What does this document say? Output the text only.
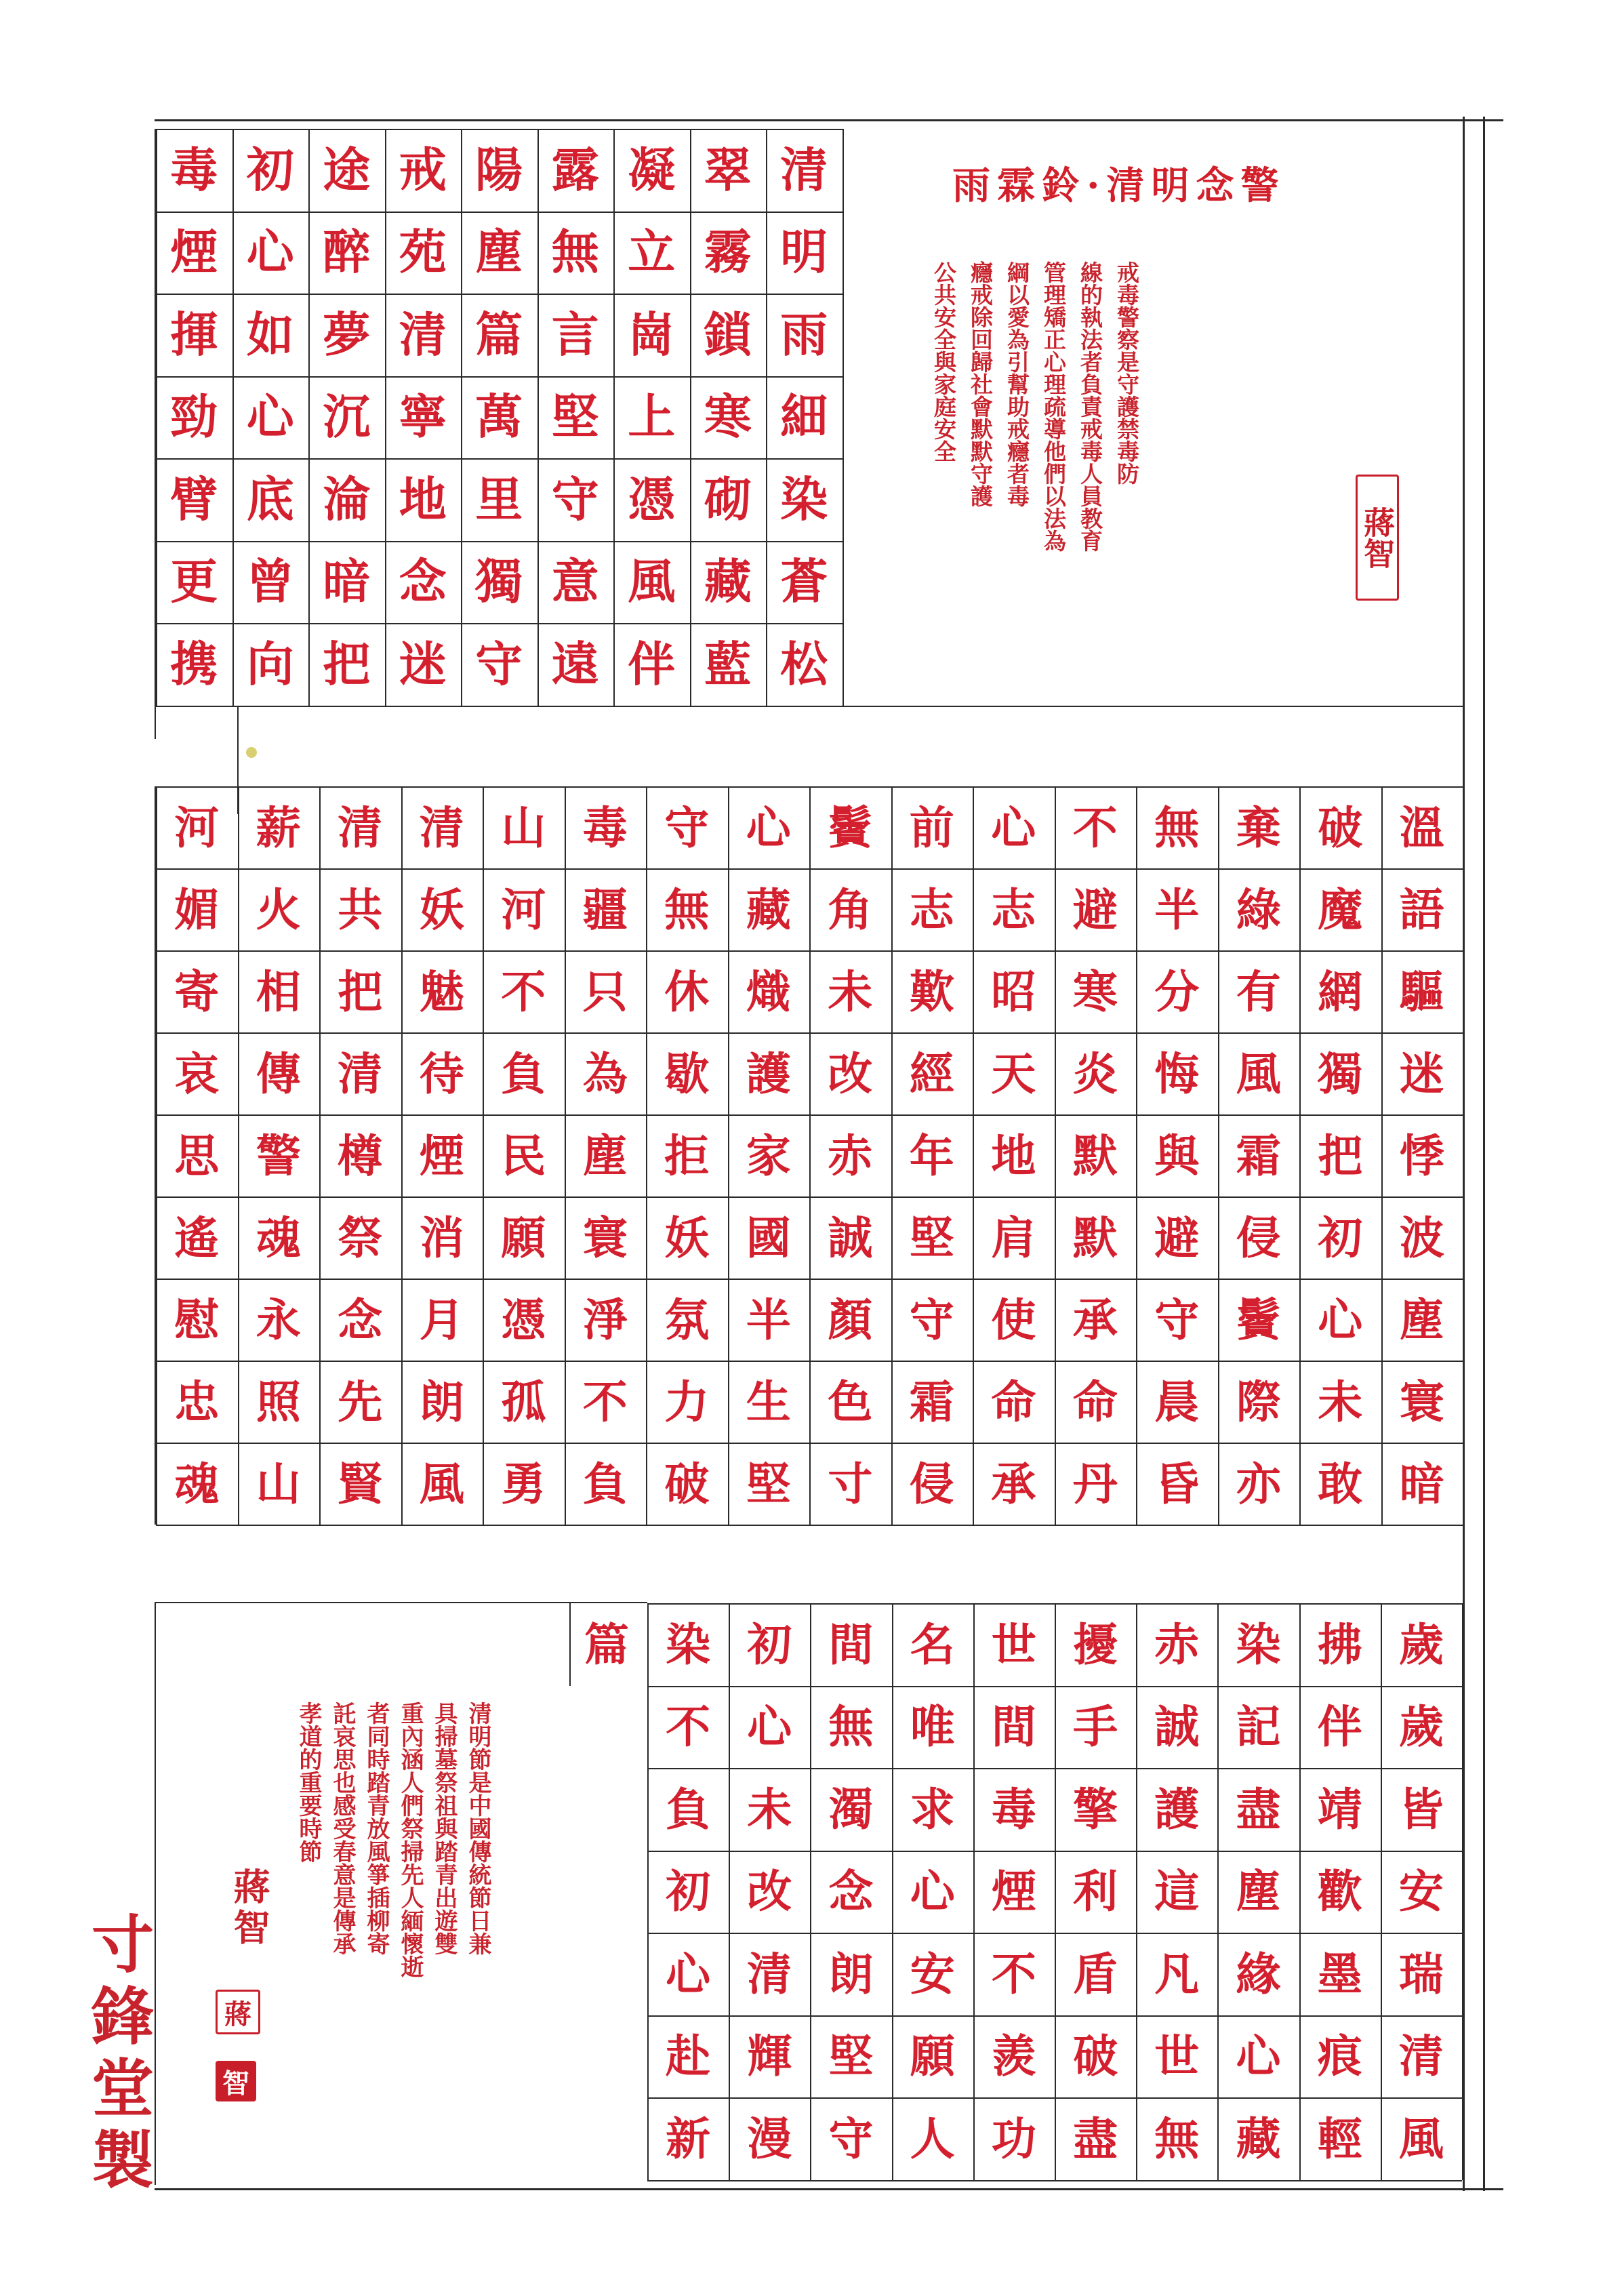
雨霖鈴·清明念警
戒毒警察是守護禁毒防
線的執法者負責戒毒人員教育
管理矯正心理疏導他們以法為
綱以愛為引幫助戒癮者毒
癮戒除回歸社會默默守護
公共安全與家庭安全
蔣智
清明節是中國傳統節日兼
具掃墓祭祖與踏青出遊雙
重內涵人們祭掃先人緬懷逝
者同時踏青放風箏插柳寄
託哀思也感受春意是傳承
孝道的重要時節
蔣智
蔣
智
寸鋒堂製
清
明
雨
細
染
蒼
松
翠
霧
鎖
寒
砌
藏
藍
凝
立
崗
上
憑
風
伴
露
無
言
堅
守
意
遠
陽
塵
篇
萬
里
獨
守
戒
苑
清
寧
地
念
迷
途
醉
夢
沉
淪
暗
把
初
心
如
心
底
曾
向
毒
煙
揮
勁
臂
更
携
溫
語
驅
迷
悸
波
塵
寰
暗
破
魔
網
獨
把
初
心
未
敢
棄
綠
有
風
霜
侵
鬢
際
亦
無
半
分
悔
與
避
守
晨
昏
不
避
寒
炎
默
默
承
命
丹
心
志
昭
天
地
肩
使
命
承
前
志
歎
經
年
堅
守
霜
侵
鬢
角
未
改
赤
誠
顏
色
寸
心
藏
熾
護
家
國
半
生
堅
守
無
休
歇
拒
妖
氛
力
破
毒
疆
只
為
塵
寰
淨
不
負
山
河
不
負
民
願
憑
孤
勇
清
妖
魅
待
煙
消
月
朗
風
清
共
把
清
樽
祭
念
先
賢
薪
火
相
傳
警
魂
永
照
山
河
媚
寄
哀
思
遙
慰
忠
魂
歲
歲
皆
安
瑞
清
風
拂
伴
靖
歡
墨
痕
輕
染
記
盡
塵
緣
心
藏
赤
誠
護
這
凡
世
無
擾
手
擎
利
盾
破
盡
世
間
毒
煙
不
羨
功
名
唯
求
心
安
願
人
間
無
濁
念
朗
堅
守
初
心
未
改
清
輝
漫
染
不
負
初
心
赴
新
篇
